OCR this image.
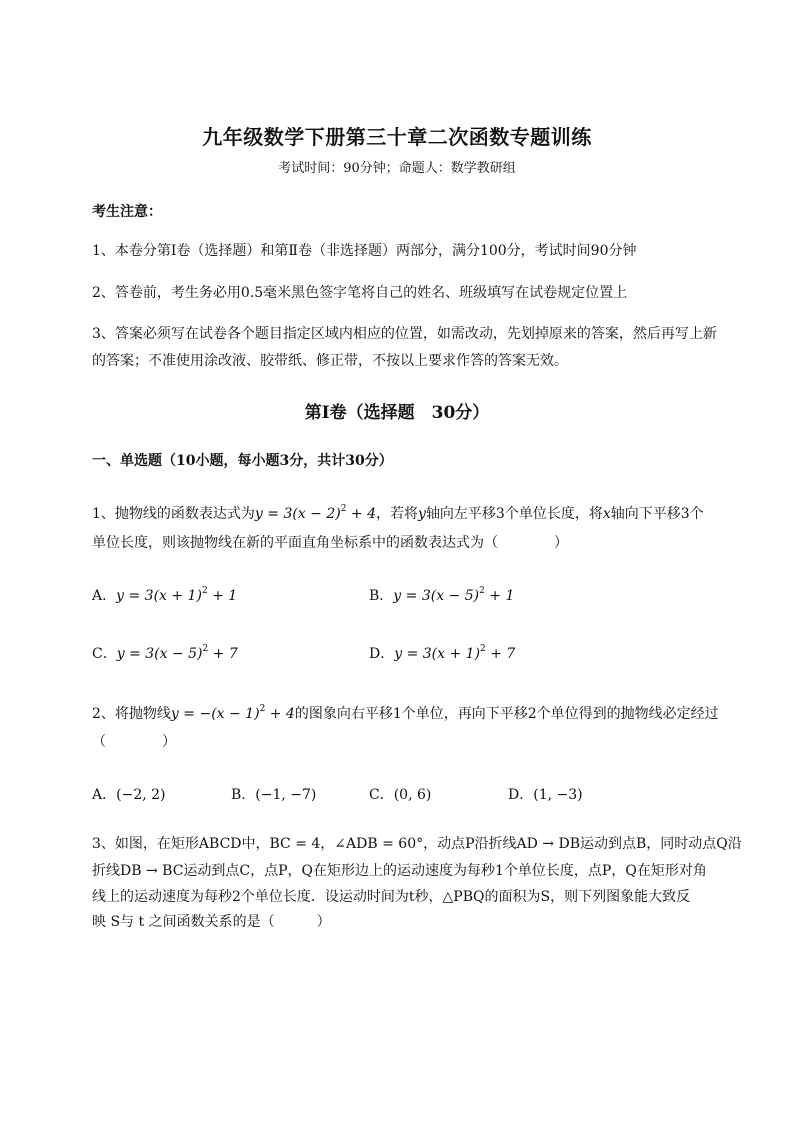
九年级数学下册第三十章二次函数专题训练
考试时间：90分钟；命题人：数学教研组
考生注意：
1、本卷分第Ⅰ卷（选择题）和第Ⅱ卷（非选择题）两部分，满分100分，考试时间90分钟
2、答卷前，考生务必用0.5毫米黑色签字笔将自己的姓名、班级填写在试卷规定位置上
3、答案必须写在试卷各个题目指定区域内相应的位置，如需改动，先划掉原来的答案，然后再写上新
的答案；不准使用涂改液、胶带纸、修正带，不按以上要求作答的答案无效。
第Ⅰ卷（选择题　30分）
一、单选题（10小题，每小题3分，共计30分）
1、抛物线的函数表达式为$y = 3(x - 2)^2 + 4$，若将y轴向左平移3个单位长度，将x轴向下平移3个
单位长度，则该抛物线在新的平面直角坐标系中的函数表达式为（　　　　）
A．$y = 3(x + 1)^2 + 1$	B．$y = 3(x - 5)^2 + 1$
C．$y = 3(x - 5)^2 + 7$	D．$y = 3(x + 1)^2 + 7$
2、将抛物线$y = -(x - 1)^2 + 4$的图象向右平移1个单位，再向下平移2个单位得到的抛物线必定经过
（　　　　）
A．(−2, 2)	B．(−1, −7)	C．(0, 6)	D．(1, −3)
3、如图，在矩形ABCD中，BC = 4，∠ADB = 60°，动点P沿折线AD → DB运动到点B，同时动点Q沿
折线DB → BC运动到点C，点P，Q在矩形边上的运动速度为每秒1个单位长度，点P，Q在矩形对角
线上的运动速度为每秒2个单位长度．设运动时间为t秒，△PBQ的面积为S，则下列图象能大致反
映 S与 t 之间函数关系的是（　　　）
